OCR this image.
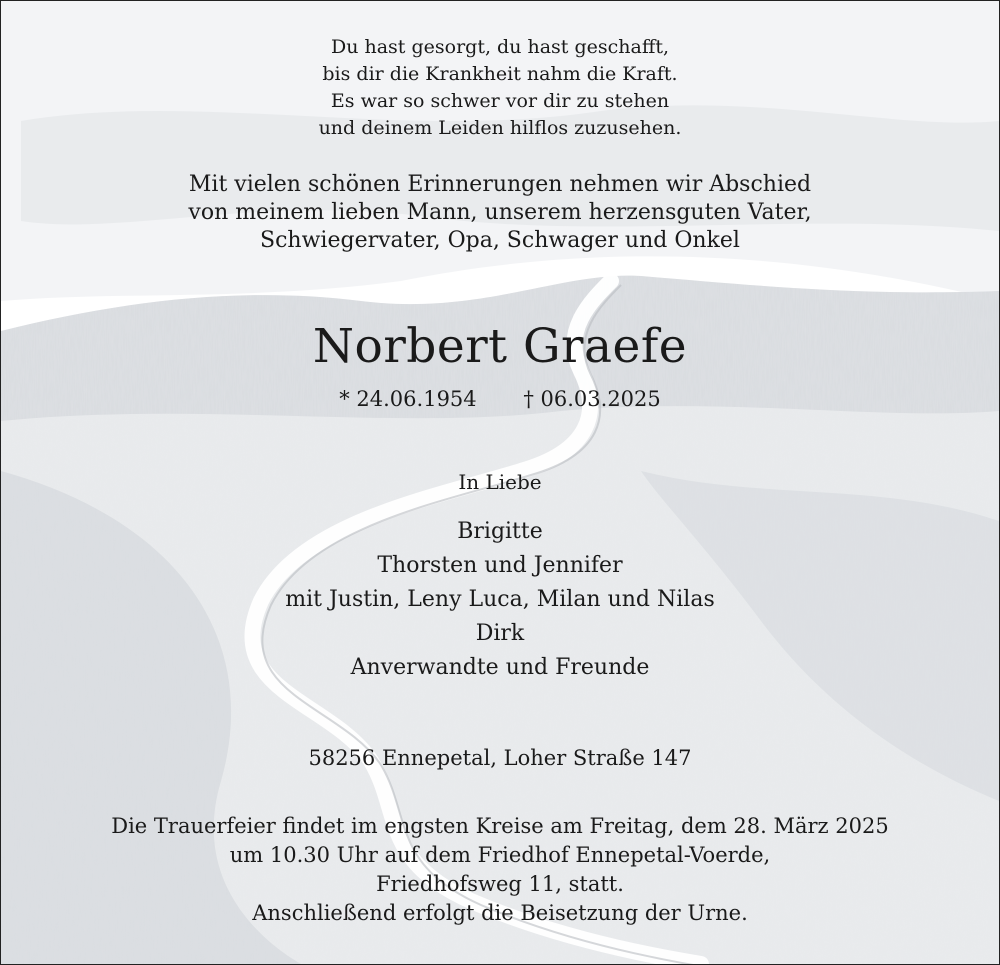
Du hast gesorgt, du hast geschafft,
bis dir die Krankheit nahm die Kraft.
Es war so schwer vor dir zu stehen
und deinem Leiden hilflos zuzusehen.
Mit vielen schönen Erinnerungen nehmen wir Abschied
von meinem lieben Mann, unserem herzensguten Vater,
Schwiegervater, Opa, Schwager und Onkel
Norbert Graefe
* 24.06.1954 † 06.03.2025
In Liebe
Brigitte
Thorsten und Jennifer
mit Justin, Leny Luca, Milan und Nilas
Dirk
Anverwandte und Freunde
58256 Ennepetal, Loher Straße 147
Die Trauerfeier findet im engsten Kreise am Freitag, dem 28. März 2025
um 10.30 Uhr auf dem Friedhof Ennepetal-Voerde,
Friedhofsweg 11, statt.
Anschließend erfolgt die Beisetzung der Urne.
